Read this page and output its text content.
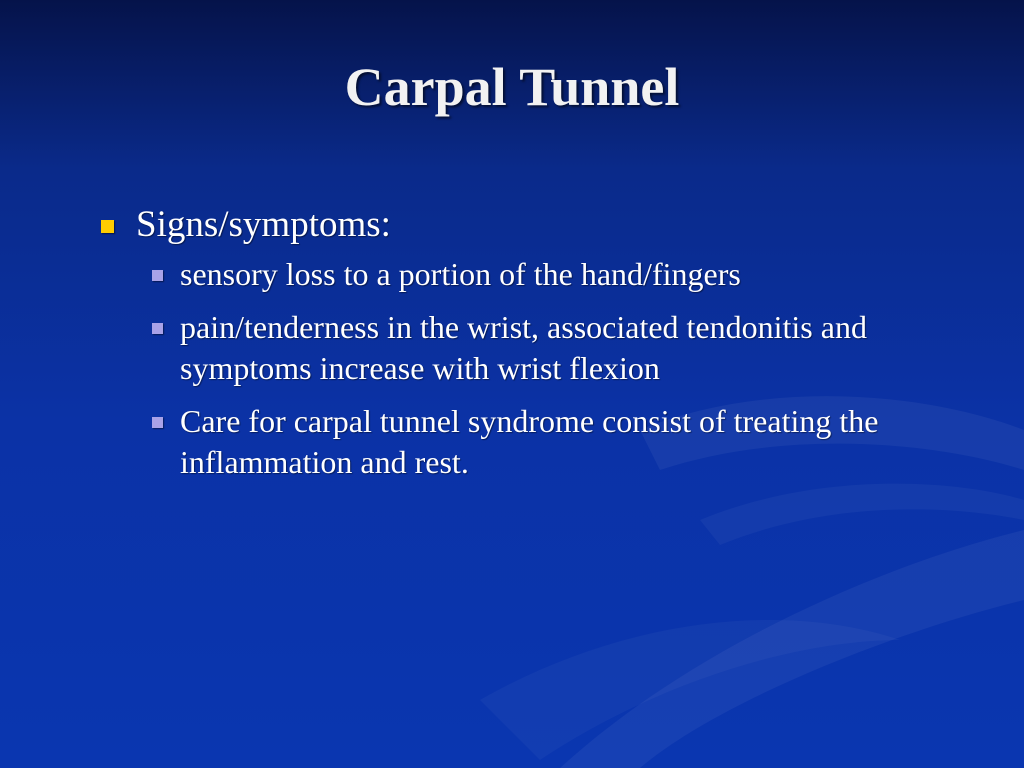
Carpal Tunnel
Signs/symptoms:
sensory loss to a portion of the hand/fingers
pain/tenderness in the wrist, associated tendonitis and symptoms increase with wrist flexion
Care for carpal tunnel syndrome consist of treating the inflammation and rest.
